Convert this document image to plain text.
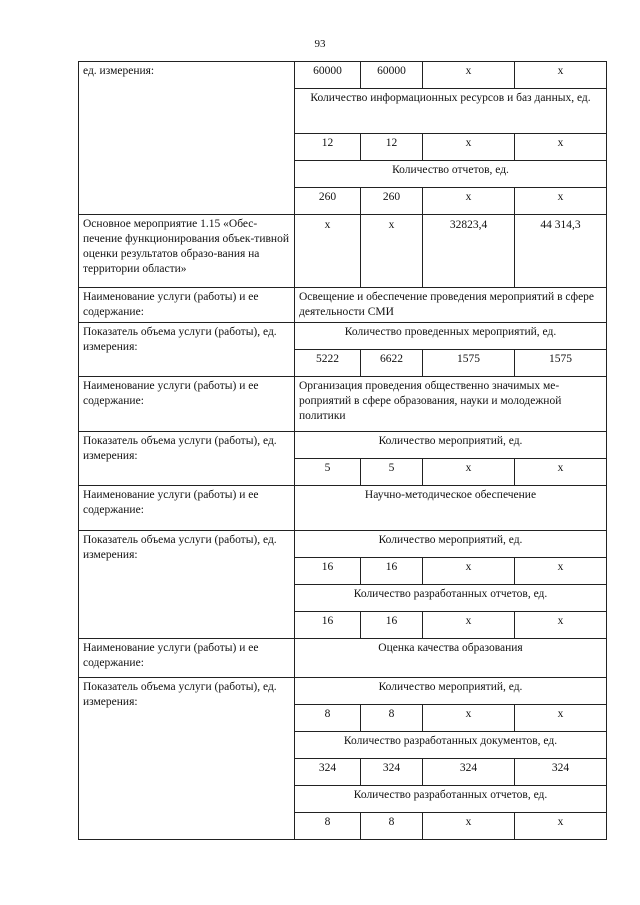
93
ед. измерения:	60000	60000	x	x
	Количество информационных ресурсов и баз данных, ед.			
	12	12	x	x
	Количество отчетов, ед.			
	260	260	x	x
Основное мероприятие 1.15 «Обес-печение функционирования объек-тивной оценки результатов образо-вания на территории области»	x	x	32823,4	44 314,3
Наименование услуги (работы) и ее содержание:	Освещение и обеспечение проведения мероприятий в сфере деятельности СМИ			
Показатель объема услуги (работы), ед. измерения:	Количество проведенных мероприятий, ед.			
	5222	6622	1575	1575
Наименование услуги (работы) и ее содержание:	Организация проведения общественно значимых ме-роприятий в сфере образования, науки и молодежной политики			
Показатель объема услуги (работы), ед. измерения:	Количество мероприятий, ед.			
	5	5	x	x
Наименование услуги (работы) и ее содержание:	Научно-методическое обеспечение			
Показатель объема услуги (работы), ед. измерения:	Количество мероприятий, ед.			
	16	16	x	x
	Количество разработанных отчетов, ед.			
	16	16	x	x
Наименование услуги (работы) и ее содержание:	Оценка качества образования			
Показатель объема услуги (работы), ед. измерения:	Количество мероприятий, ед.			
	8	8	x	x
	Количество разработанных документов, ед.			
	324	324	324	324
	Количество разработанных отчетов, ед.			
	8	8	x	x
